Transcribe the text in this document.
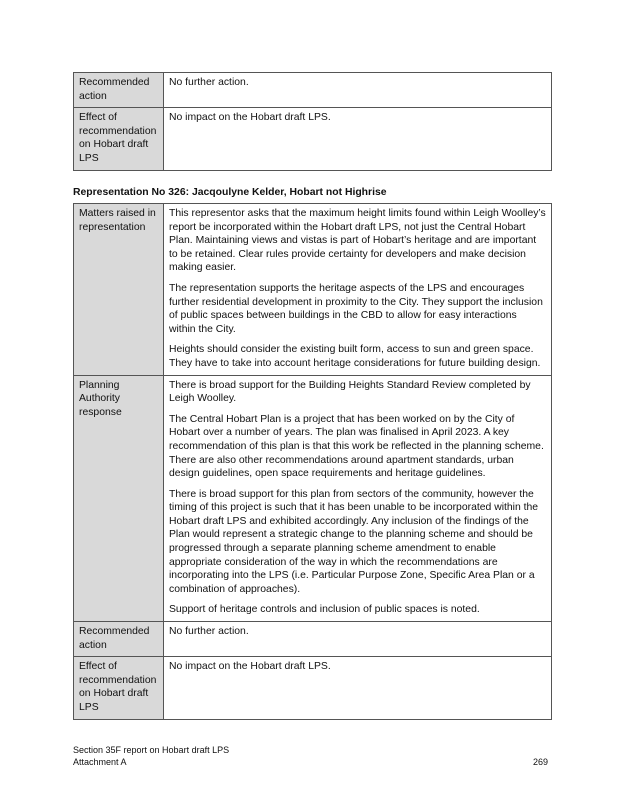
Recommended action	No further action.
Effect of recommendation on Hobart draft LPS	No impact on the Hobart draft LPS.
Representation No 326: Jacqoulyne Kelder, Hobart not Highrise
Matters raised in representation	This representor asks that the maximum height limits found within Leigh Woolley’s report be incorporated within the Hobart draft LPS, not just the Central Hobart Plan. Maintaining views and vistas is part of Hobart’s heritage and are important to be retained. Clear rules provide certainty for developers and make decision making easier.

The representation supports the heritage aspects of the LPS and encourages further residential development in proximity to the City. They support the inclusion of public spaces between buildings in the CBD to allow for easy interactions within the City.

Heights should consider the existing built form, access to sun and green space. They have to take into account heritage considerations for future building design.

Planning Authority response	There is broad support for the Building Heights Standard Review completed by Leigh Woolley.

The Central Hobart Plan is a project that has been worked on by the City of Hobart over a number of years. The plan was finalised in April 2023. A key recommendation of this plan is that this work be reflected in the planning scheme. There are also other recommendations around apartment standards, urban design guidelines, open space requirements and heritage guidelines.

There is broad support for this plan from sectors of the community, however the timing of this project is such that it has been unable to be incorporated within the Hobart draft LPS and exhibited accordingly. Any inclusion of the findings of the Plan would represent a strategic change to the planning scheme and should be progressed through a separate planning scheme amendment to enable appropriate consideration of the way in which the recommendations are incorporating into the LPS (i.e. Particular Purpose Zone, Specific Area Plan or a combination of approaches).

Support of heritage controls and inclusion of public spaces is noted.

Recommended action	No further action.
Effect of recommendation on Hobart draft LPS	No impact on the Hobart draft LPS.
Section 35F report on Hobart draft LPS
Attachment A	269
